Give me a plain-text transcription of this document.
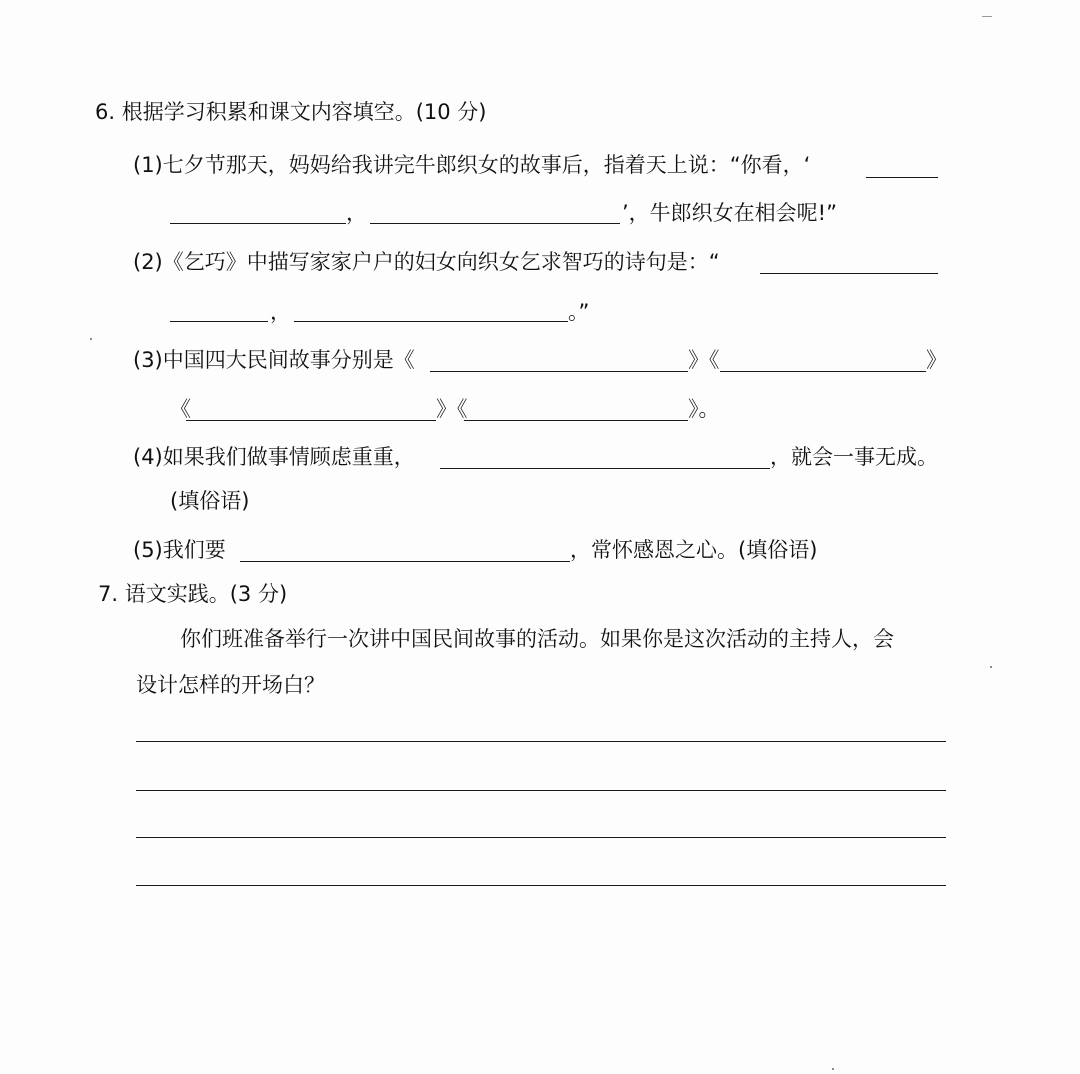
6. 根据学习积累和课文内容填空。(10 分)
(1)七夕节那天，妈妈给我讲完牛郎织女的故事后，指着天上说：“你看，‘
，	’，牛郎织女在相会呢!”
(2)《乞巧》中描写家家户户的妇女向织女乞求智巧的诗句是：“
，	。”
(3)中国四大民间故事分别是《	》《	》
《	》《	》。
(4)如果我们做事情顾虑重重，	，就会一事无成。
(填俗语)
(5)我们要	，常怀感恩之心。(填俗语)
7. 语文实践。(3 分)
你们班准备举行一次讲中国民间故事的活动。如果你是这次活动的主持人，会
设计怎样的开场白？
